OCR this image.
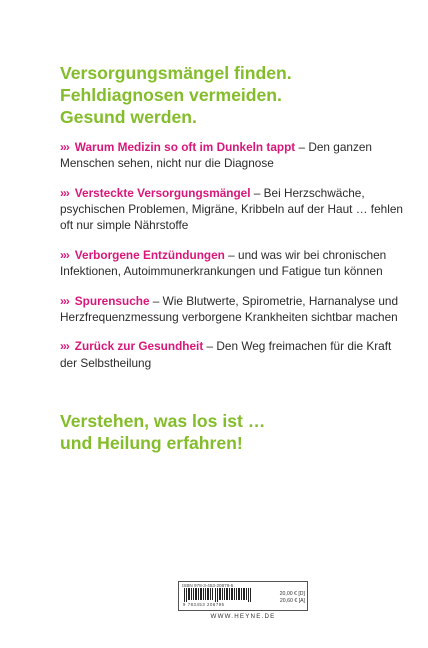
Versorgungsmängel finden.
Fehldiagnosen vermeiden.
Gesund werden.
››› Warum Medizin so oft im Dunkeln tappt – Den ganzen Menschen sehen, nicht nur die Diagnose
››› Versteckte Versorgungsmängel – Bei Herzschwäche, psychischen Problemen, Migräne, Kribbeln auf der Haut … fehlen oft nur simple Nährstoffe
››› Verborgene Entzündungen – und was wir bei chronischen Infektionen, Autoimmunerkrankungen und Fatigue tun können
››› Spurensuche – Wie Blutwerte, Spirometrie, Harnanalyse und Herzfrequenzmessung verborgene Krankheiten sichtbar machen
››› Zurück zur Gesundheit – Den Weg freimachen für die Kraft der Selbstheilung
Verstehen, was los ist …
und Heilung erfahren!
ISBN 978-3-453-20879-5
9 783453 208795
20,00 € [D]
20,60 € [A]
WWW.HEYNE.DE
